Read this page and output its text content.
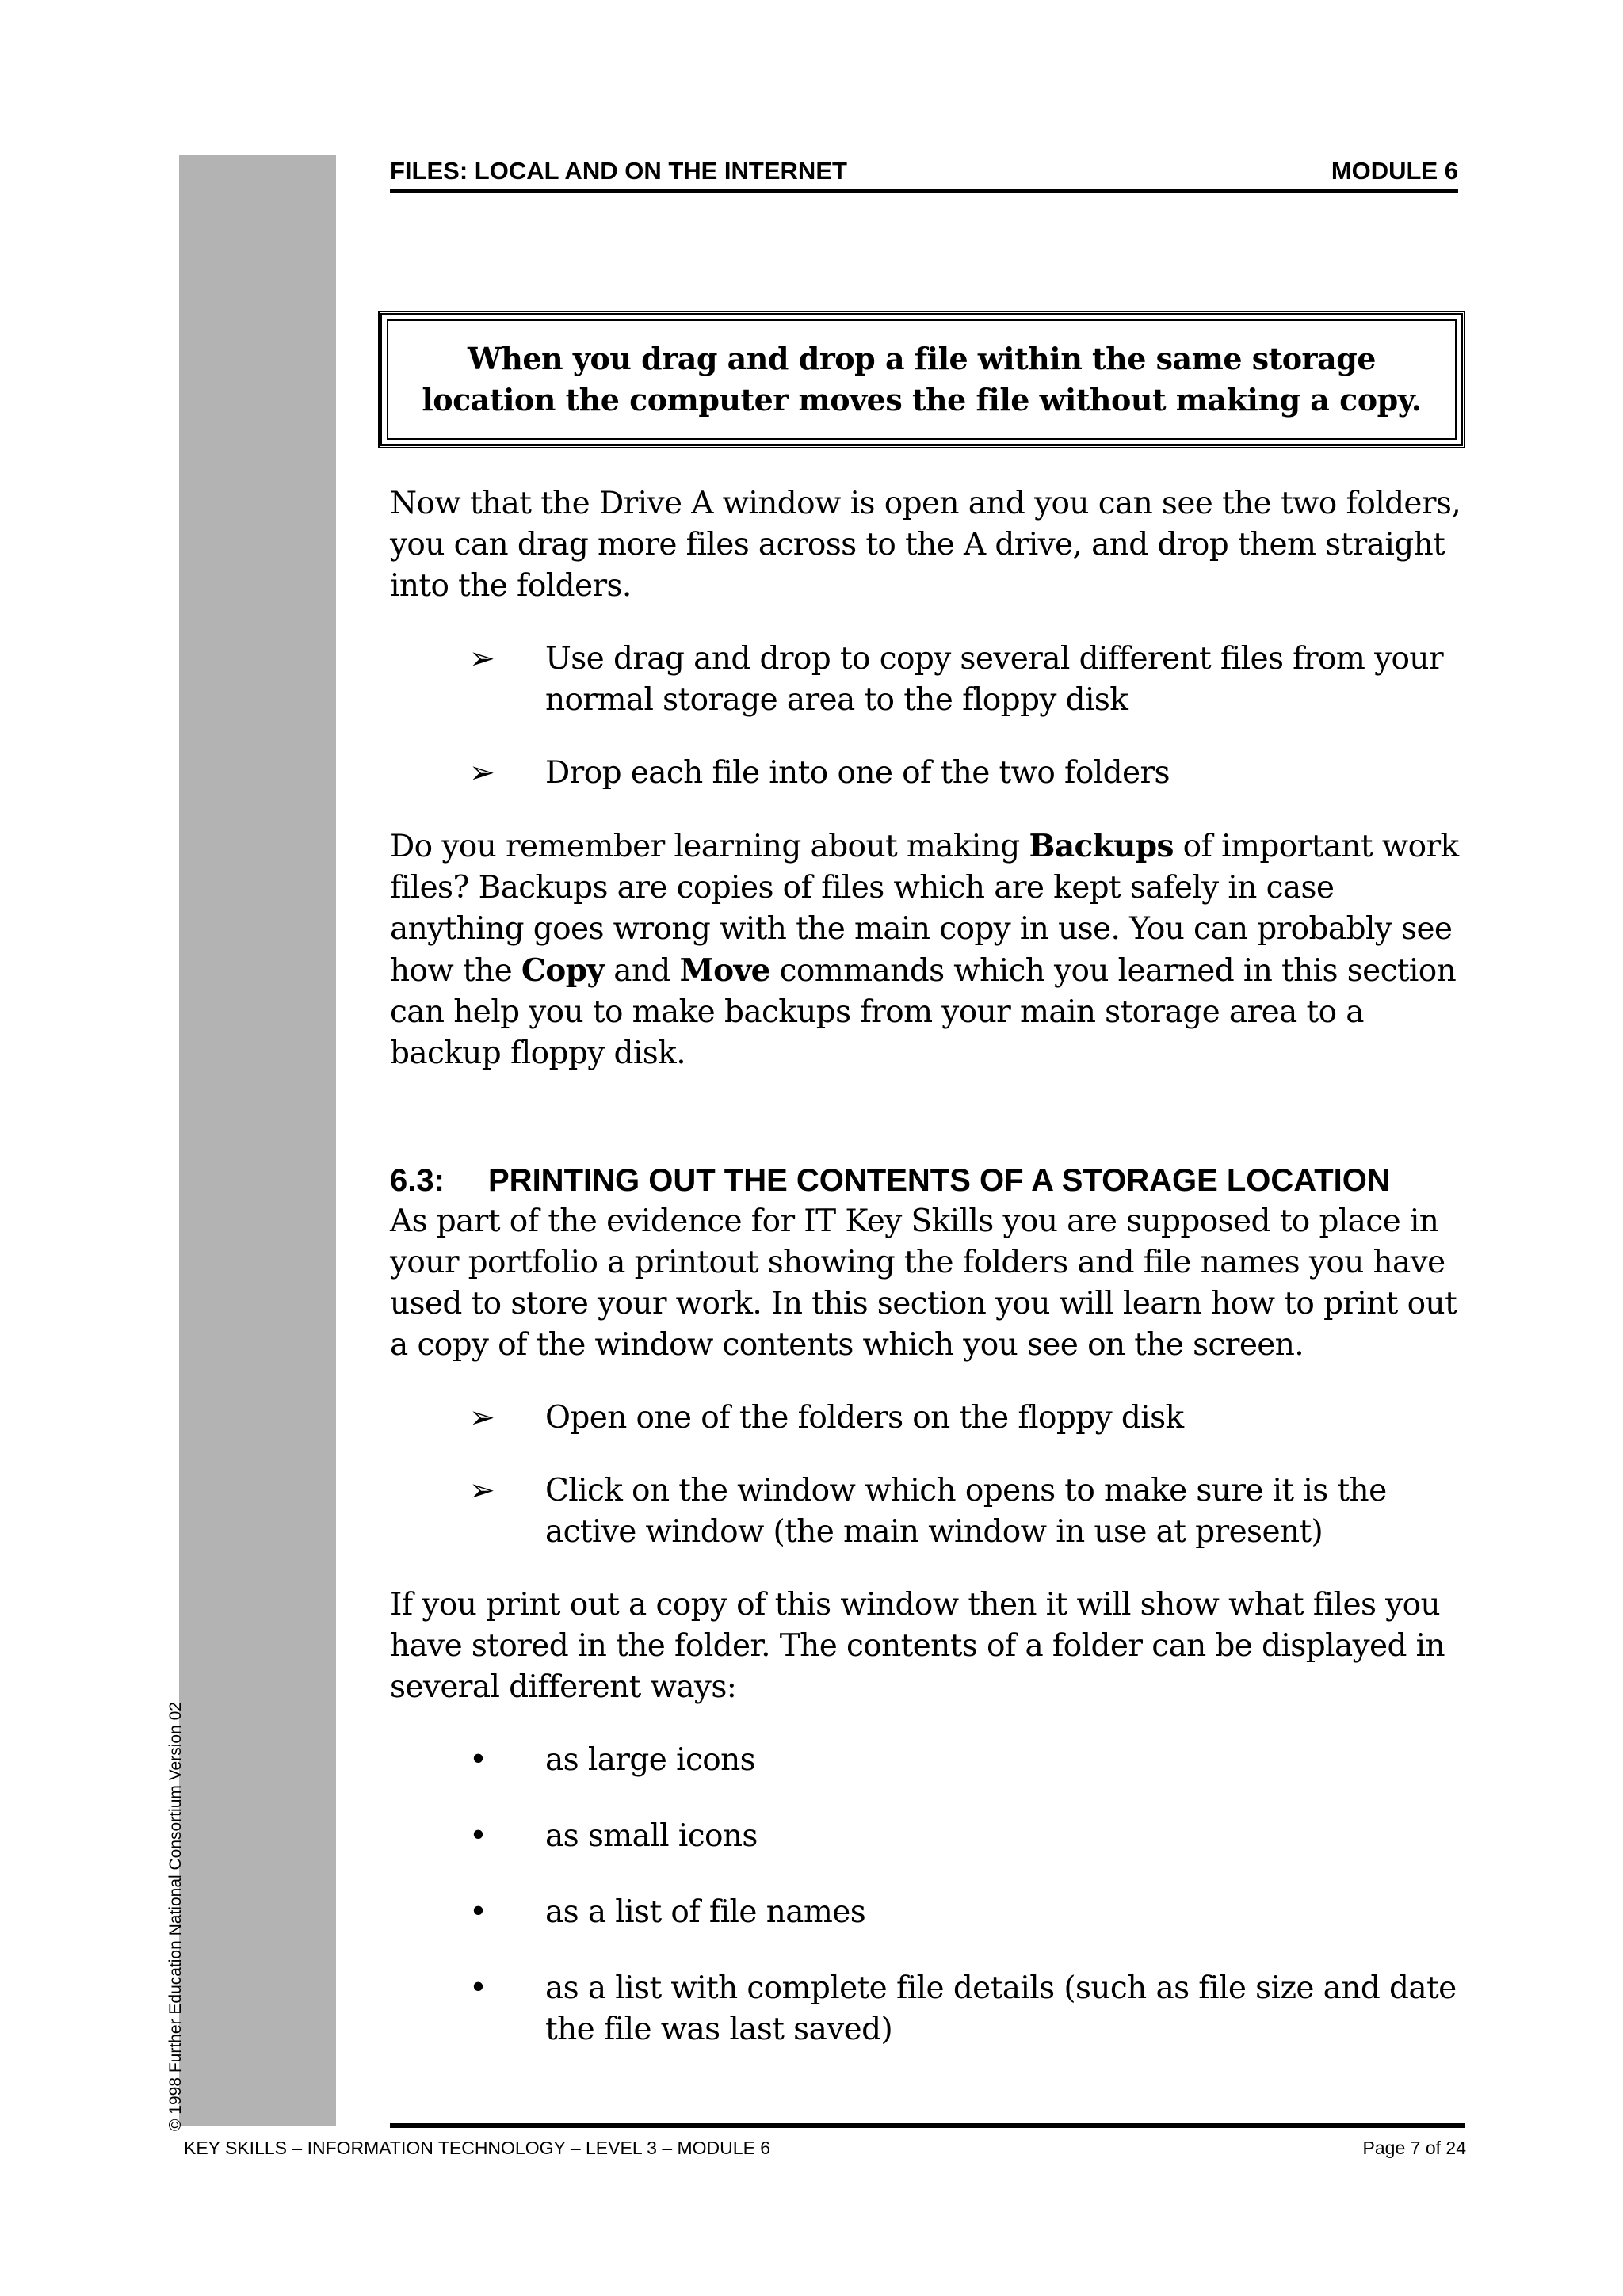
© 1998 Further Education National Consortium Version 02
FILES: LOCAL AND ON THE INTERNET	MODULE 6

When you drag and drop a file within the same storage location the computer moves the file without making a copy.

Now that the Drive A window is open and you can see the two folders, you can drag more files across to the A drive, and drop them straight into the folders.

➢ Use drag and drop to copy several different files from your normal storage area to the floppy disk
➢ Drop each file into one of the two folders

Do you remember learning about making Backups of important work files? Backups are copies of files which are kept safely in case anything goes wrong with the main copy in use. You can probably see how the Copy and Move commands which you learned in this section can help you to make backups from your main storage area to a backup floppy disk.

6.3: PRINTING OUT THE CONTENTS OF A STORAGE LOCATION

As part of the evidence for IT Key Skills you are supposed to place in your portfolio a printout showing the folders and file names you have used to store your work. In this section you will learn how to print out a copy of the window contents which you see on the screen.

➢ Open one of the folders on the floppy disk
➢ Click on the window which opens to make sure it is the active window (the main window in use at present)

If you print out a copy of this window then it will show what files you have stored in the folder. The contents of a folder can be displayed in several different ways:

• as large icons
• as small icons
• as a list of file names
• as a list with complete file details (such as file size and date the file was last saved)
KEY SKILLS – INFORMATION TECHNOLOGY – LEVEL 3 – MODULE 6	Page 7 of 24
